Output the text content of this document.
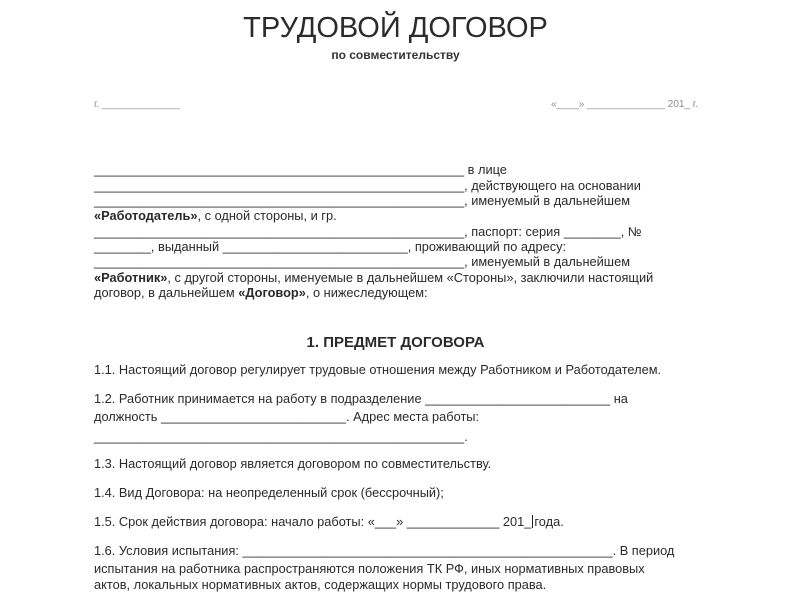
ТРУДОВОЙ ДОГОВОР
по совместительству
г. ______________	«____» ______________ 201_ г.
____________________________________________________ в лице
____________________________________________________, действующего на основании
____________________________________________________, именуемый в дальнейшем
«Работодатель», с одной стороны, и гр.
____________________________________________________, паспорт: серия ________, №
________, выданный __________________________, проживающий по адресу:
____________________________________________________, именуемый в дальнейшем
«Работник», с другой стороны, именуемые в дальнейшем «Стороны», заключили настоящий
договор, в дальнейшем «Договор», о нижеследующем:
1. ПРЕДМЕТ ДОГОВОРА
1.1. Настоящий договор регулирует трудовые отношения между Работником и Работодателем.
1.2. Работник принимается на работу в подразделение __________________________ на
должность __________________________. Адрес места работы:
____________________________________________________.
1.3. Настоящий договор является договором по совместительству.
1.4. Вид Договора: на неопределенный срок (бессрочный);
1.5. Срок действия договора: начало работы: «___» _____________ 201_ года.
1.6. Условия испытания: ____________________________________________________. В период
испытания на работника распространяются положения ТК РФ, иных нормативных правовых
актов, локальных нормативных актов, содержащих нормы трудового права.
